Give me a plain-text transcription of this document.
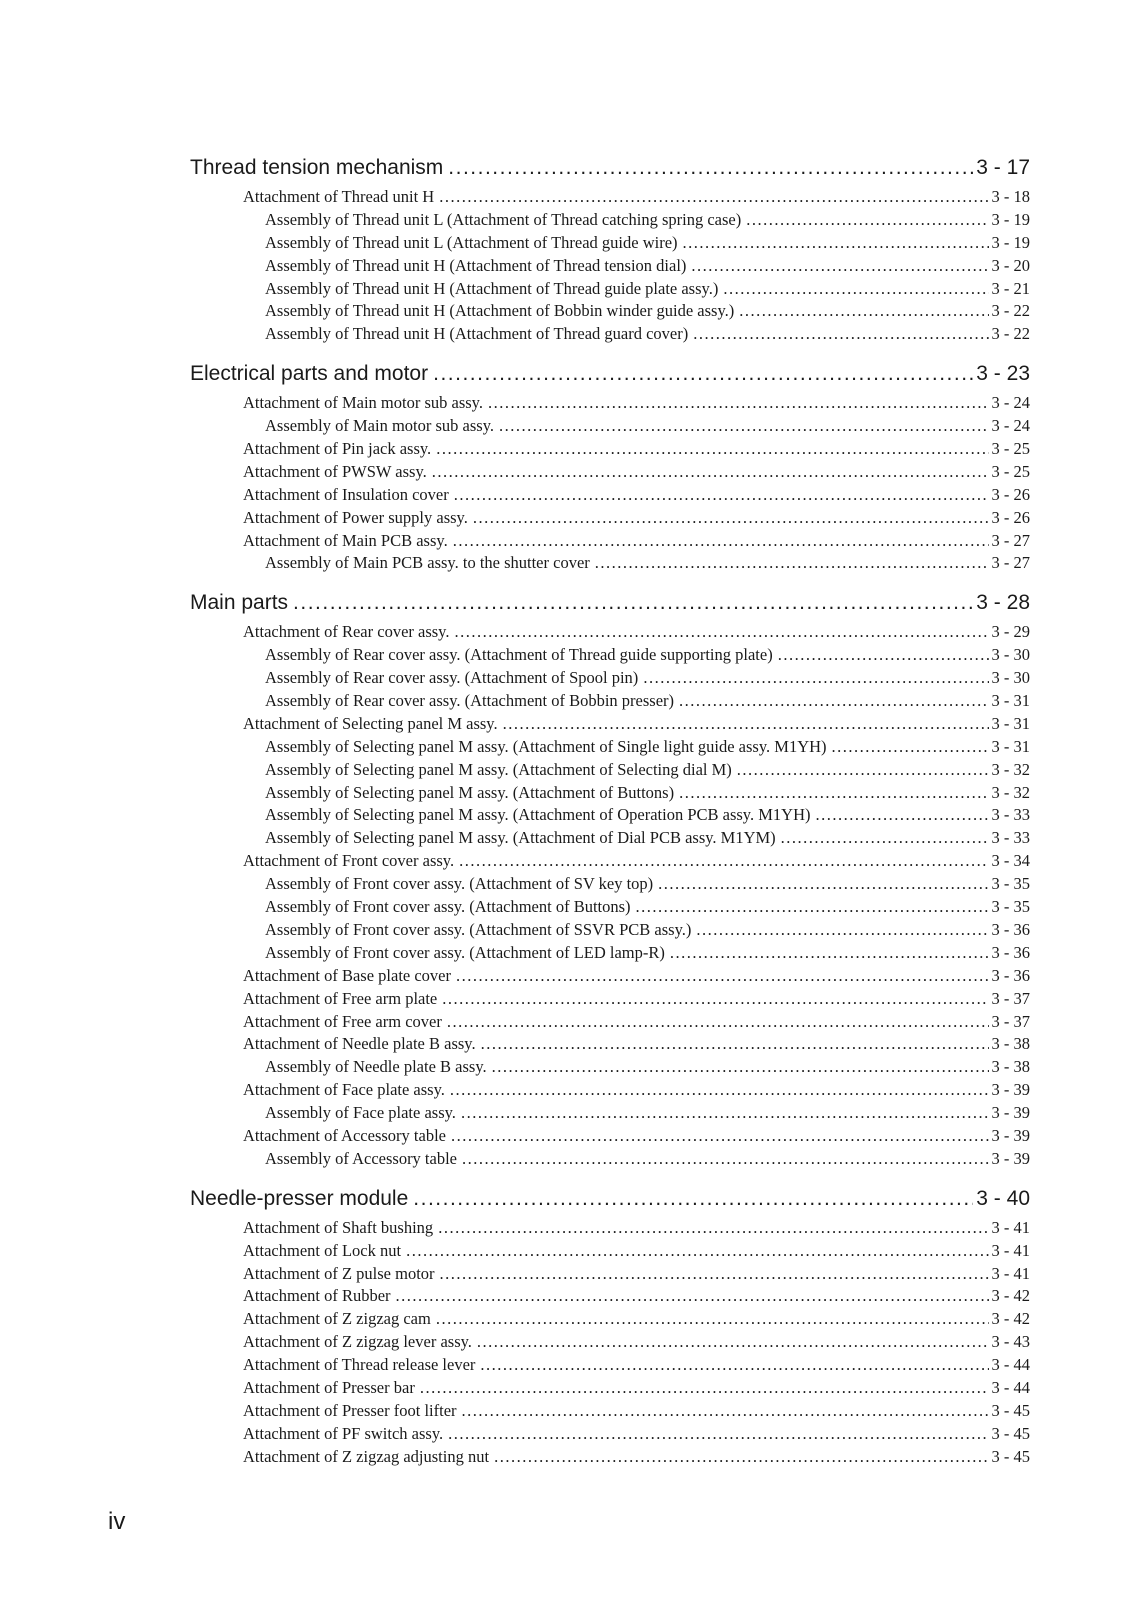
Thread tension mechanism .....	3 - 17
Attachment of Thread unit H .....	3 - 18
Assembly of Thread unit L (Attachment of Thread catching spring case) .....	3 - 19
Assembly of Thread unit L (Attachment of Thread guide wire) .....	3 - 19
Assembly of Thread unit H (Attachment of Thread tension dial) .....	3 - 20
Assembly of Thread unit H (Attachment of Thread guide plate assy.) .....	3 - 21
Assembly of Thread unit H (Attachment of Bobbin winder guide assy.) .....	3 - 22
Assembly of Thread unit H (Attachment of Thread guard cover) .....	3 - 22
Electrical parts and motor .....	3 - 23
Attachment of Main motor sub assy. .....	3 - 24
Assembly of Main motor sub assy. .....	3 - 24
Attachment of Pin jack assy. .....	3 - 25
Attachment of PWSW assy. .....	3 - 25
Attachment of Insulation cover .....	3 - 26
Attachment of Power supply assy. .....	3 - 26
Attachment of Main PCB assy. .....	3 - 27
Assembly of Main PCB assy. to the shutter cover .....	3 - 27
Main parts .....	3 - 28
Attachment of Rear cover assy. .....	3 - 29
Assembly of Rear cover assy. (Attachment of Thread guide supporting plate) .....	3 - 30
Assembly of Rear cover assy. (Attachment of Spool pin) .....	3 - 30
Assembly of Rear cover assy. (Attachment of Bobbin presser) .....	3 - 31
Attachment of Selecting panel M assy. .....	3 - 31
Assembly of Selecting panel M assy. (Attachment of Single light guide assy. M1YH) .....	3 - 31
Assembly of Selecting panel M assy. (Attachment of Selecting dial M) .....	3 - 32
Assembly of Selecting panel M assy. (Attachment of Buttons) .....	3 - 32
Assembly of Selecting panel M assy. (Attachment of Operation PCB assy. M1YH) .....	3 - 33
Assembly of Selecting panel M assy. (Attachment of Dial PCB assy. M1YM) .....	3 - 33
Attachment of Front cover assy. .....	3 - 34
Assembly of Front cover assy. (Attachment of SV key top) .....	3 - 35
Assembly of Front cover assy. (Attachment of Buttons) .....	3 - 35
Assembly of Front cover assy. (Attachment of SSVR PCB assy.) .....	3 - 36
Assembly of Front cover assy. (Attachment of LED lamp-R) .....	3 - 36
Attachment of Base plate cover .....	3 - 36
Attachment of Free arm plate .....	3 - 37
Attachment of Free arm cover .....	3 - 37
Attachment of Needle plate B assy. .....	3 - 38
Assembly of Needle plate B assy. .....	3 - 38
Attachment of Face plate assy. .....	3 - 39
Assembly of Face plate assy. .....	3 - 39
Attachment of Accessory table .....	3 - 39
Assembly of Accessory table .....	3 - 39
Needle-presser module .....	3 - 40
Attachment of Shaft bushing .....	3 - 41
Attachment of Lock nut .....	3 - 41
Attachment of Z pulse motor .....	3 - 41
Attachment of Rubber .....	3 - 42
Attachment of Z zigzag cam .....	3 - 42
Attachment of Z zigzag lever assy. .....	3 - 43
Attachment of Thread release lever .....	3 - 44
Attachment of Presser bar .....	3 - 44
Attachment of Presser foot lifter .....	3 - 45
Attachment of PF switch assy. .....	3 - 45
Attachment of Z zigzag adjusting nut .....	3 - 45
iv
